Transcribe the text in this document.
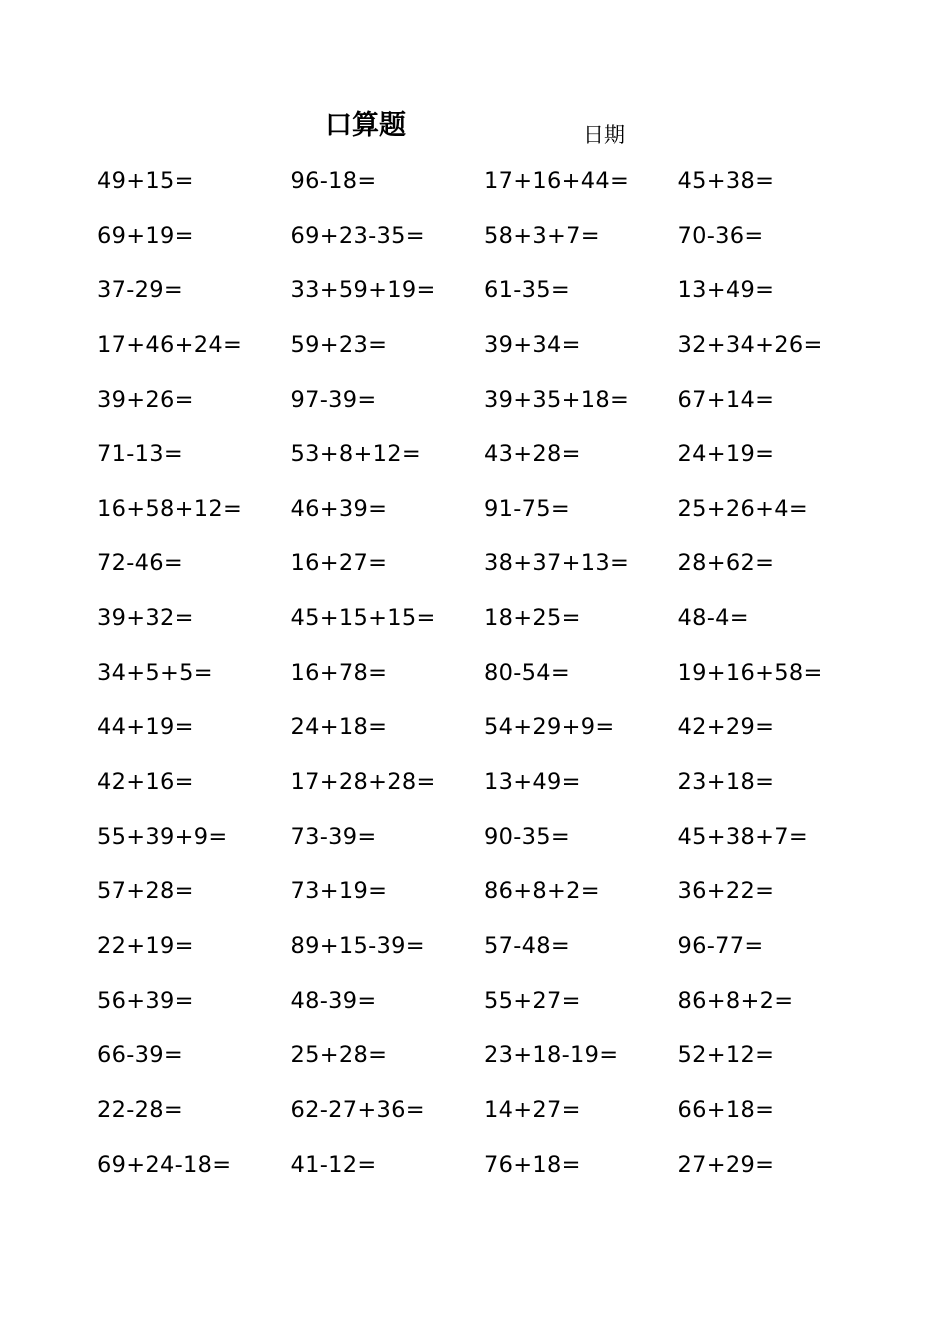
口算题	日期
49+15=	96-18=	17+16+44=	45+38=
69+19=	69+23-35=	58+3+7=	70-36=
37-29=	33+59+19=	61-35=	13+49=
17+46+24=	59+23=	39+34=	32+34+26=
39+26=	97-39=	39+35+18=	67+14=
71-13=	53+8+12=	43+28=	24+19=
16+58+12=	46+39=	91-75=	25+26+4=
72-46=	16+27=	38+37+13=	28+62=
39+32=	45+15+15=	18+25=	48-4=
34+5+5=	16+78=	80-54=	19+16+58=
44+19=	24+18=	54+29+9=	42+29=
42+16=	17+28+28=	13+49=	23+18=
55+39+9=	73-39=	90-35=	45+38+7=
57+28=	73+19=	86+8+2=	36+22=
22+19=	89+15-39=	57-48=	96-77=
56+39=	48-39=	55+27=	86+8+2=
66-39=	25+28=	23+18-19=	52+12=
22-28=	62-27+36=	14+27=	66+18=
69+24-18=	41-12=	76+18=	27+29=
